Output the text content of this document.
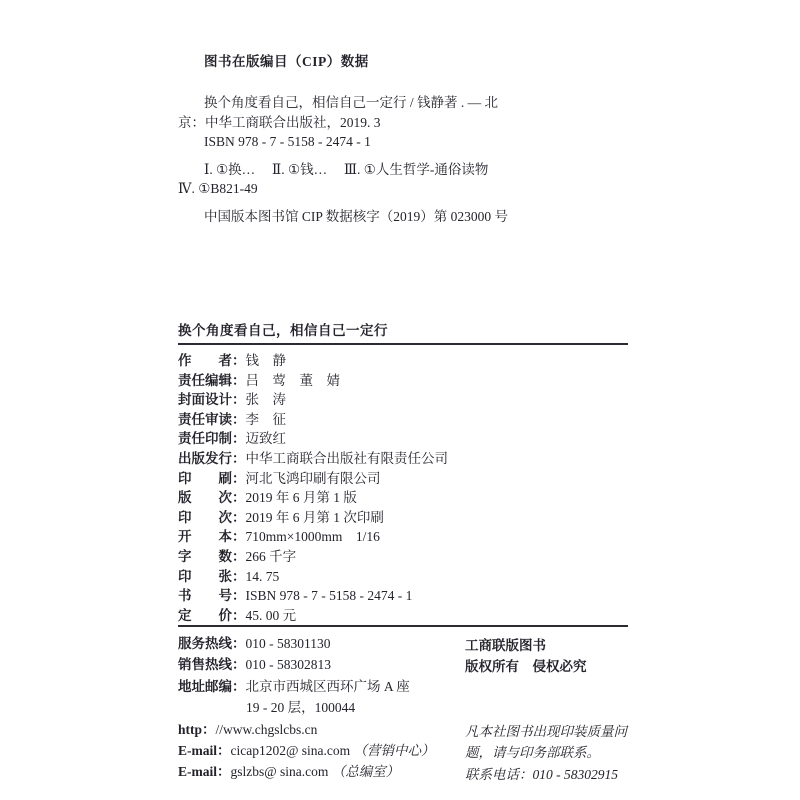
图书在版编目（CIP）数据
换个角度看自己，相信自己一定行 / 钱静著 . — 北
京：中华工商联合出版社，2019. 3
ISBN 978 - 7 - 5158 - 2474 - 1
Ⅰ. ①换…　 Ⅱ. ①钱…　 Ⅲ. ①人生哲学-通俗读物
Ⅳ. ①B821-49
中国版本图书馆 CIP 数据核字（2019）第 023000 号
换个角度看自己，相信自己一定行
作　　者：钱　静
责任编辑：吕　莺　董　婧
封面设计：张　涛
责任审读：李　征
责任印制：迈致红
出版发行：中华工商联合出版社有限责任公司
印　　刷：河北飞鸿印刷有限公司
版　　次：2019 年 6 月第 1 版
印　　次：2019 年 6 月第 1 次印刷
开　　本：710mm×1000mm　1/16
字　　数：266 千字
印　　张：14. 75
书　　号：ISBN 978 - 7 - 5158 - 2474 - 1
定　　价：45. 00 元
服务热线：010 - 58301130
销售热线：010 - 58302813
地址邮编：北京市西城区西环广场 A 座
19 - 20 层，100044
http：//www.chgslcbs.cn
E-mail：cicap1202@ sina.com （营销中心）
E-mail：gslzbs@ sina.com （总编室）
工商联版图书
版权所有　侵权必究
凡本社图书出现印装质量问
题，请与印务部联系。
联系电话：010 - 58302915
